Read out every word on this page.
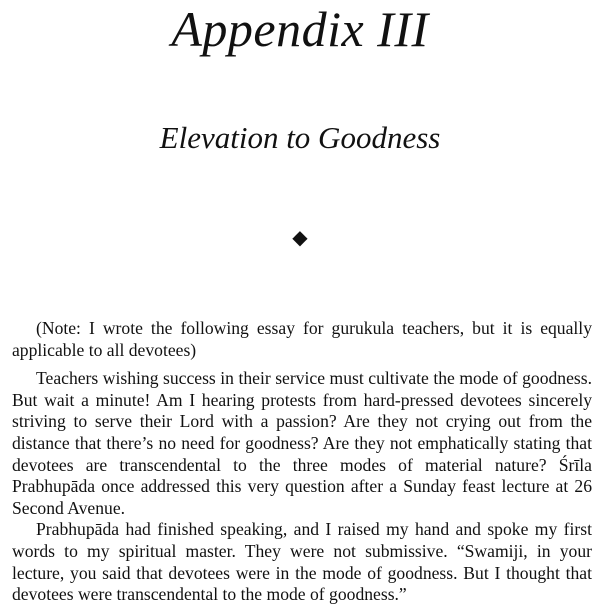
Appendix III
Elevation to Goodness
◆

(Note: I wrote the following essay for gurukula teachers, but it is equally applicable to all devotees)

Teachers wishing success in their service must cultivate the mode of goodness. But wait a minute! Am I hearing protests from hard-pressed devotees sincerely striving to serve their Lord with a passion? Are they not crying out from the distance that there’s no need for goodness? Are they not emphatically stating that devotees are transcendental to the three modes of material nature? Śrīla Prabhupāda once addressed this very question after a Sunday feast lecture at 26 Second Avenue.

Prabhupāda had finished speaking, and I raised my hand and spoke my first words to my spiritual master. They were not submissive. “Swamiji, in your lecture, you said that devotees were in the mode of goodness. But I thought that devotees were transcendental to the mode of goodness.”
